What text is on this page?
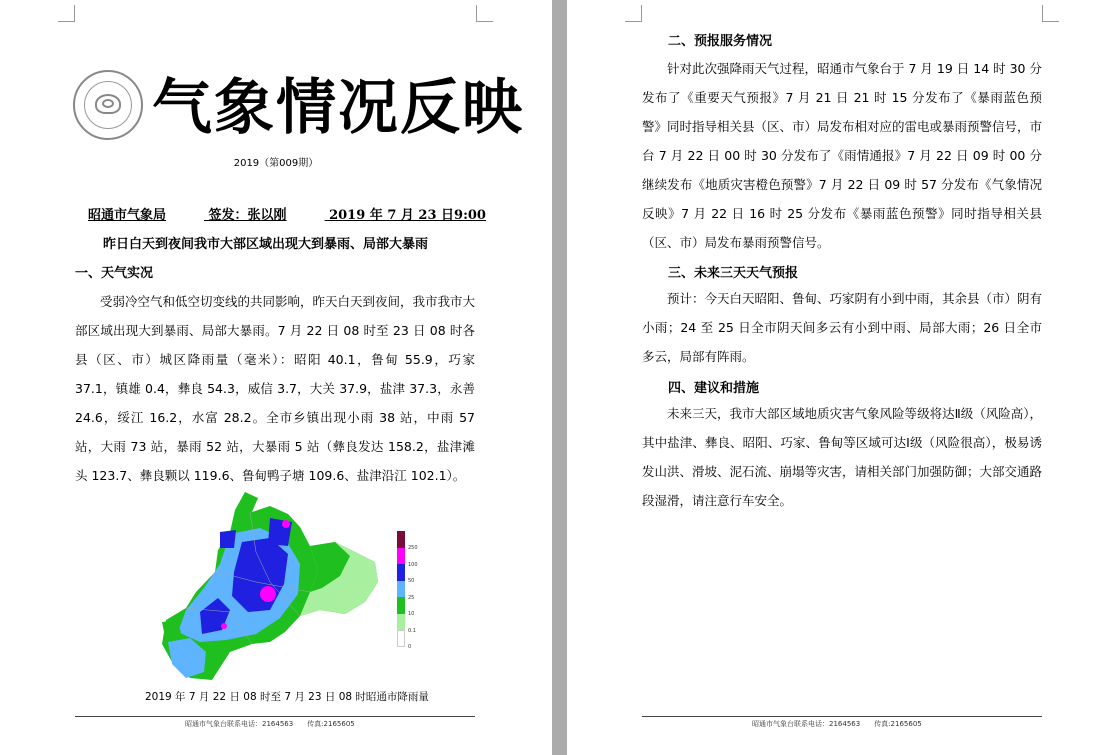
气象情况反映
2019（第009期）
昭通市气象局	签发：张以刚	2019 年 7 月 23 日9:00
昨日白天到夜间我市大部区域出现大到暴雨、局部大暴雨
一、天气实况

受弱冷空气和低空切变线的共同影响，昨天白天到夜间，我市我市大部区域出现大到暴雨、局部大暴雨。7 月 22 日 08 时至 23 日 08 时各县（区、市）城区降雨量（毫米）：昭阳 40.1，鲁甸 55.9，巧家 37.1，镇雄 0.4，彝良 54.3，威信 3.7，大关 37.9，盐津 37.3，永善 24.6，绥江 16.2，水富 28.2。全市乡镇出现小雨 38 站，中雨 57 站，大雨 73 站，暴雨 52 站，大暴雨 5 站（彝良发达 158.2，盐津滩头 123.7、彝良颗以 119.6、鲁甸鸭子塘 109.6、盐津沿江 102.1）。

250
100
50
25
10
0.1
0
2019 年 7 月 22 日 08 时至 7 月 23 日 08 时昭通市降雨量
昭通市气象台联系电话：2164563 传真:2165605
二、预报服务情况

针对此次强降雨天气过程，昭通市气象台于 7 月 19 日 14 时 30 分发布了《重要天气预报》7 月 21 日 21 时 15 分发布了《暴雨蓝色预警》同时指导相关县（区、市）局发布相对应的雷电或暴雨预警信号，市台 7 月 22 日 00 时 30 分发布了《雨情通报》7 月 22 日 09 时 00 分继续发布《地质灾害橙色预警》7 月 22 日 09 时 57 分发布《气象情况反映》7 月 22 日 16 时 25 分发布《暴雨蓝色预警》同时指导相关县（区、市）局发布暴雨预警信号。

三、未来三天天气预报

预计：今天白天昭阳、鲁甸、巧家阴有小到中雨，其余县（市）阴有小雨；24 至 25 日全市阴天间多云有小到中雨、局部大雨；26 日全市多云，局部有阵雨。

四、建议和措施

未来三天，我市大部区域地质灾害气象风险等级将达Ⅱ级（风险高），其中盐津、彝良、昭阳、巧家、鲁甸等区域可达Ⅰ级（风险很高），极易诱发山洪、滑坡、泥石流、崩塌等灾害，请相关部门加强防御；大部交通路段湿滑，请注意行车安全。

昭通市气象台联系电话：2164563 传真:2165605
